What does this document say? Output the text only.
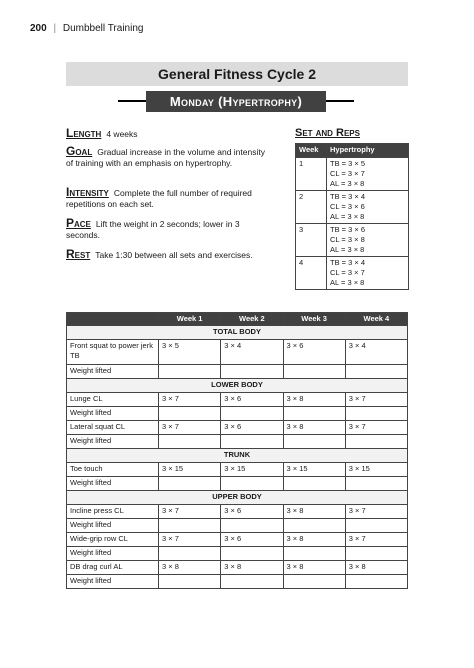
200 | Dumbbell Training
General Fitness Cycle 2
Monday (Hypertrophy)
Length 4 weeks
Goal Gradual increase in the volume and intensity of training with an emphasis on hypertrophy.
Intensity Complete the full number of required repetitions on each set.
Pace Lift the weight in 2 seconds; lower in 3 seconds.
Rest Take 1:30 between all sets and exercises.
Set and Reps
Week	Hypertrophy
1	TB = 3 × 5
CL = 3 × 7
AL = 3 × 8

2	TB = 3 × 4
CL = 3 × 6
AL = 3 × 8

3	TB = 3 × 6
CL = 3 × 8
AL = 3 × 8

4	TB = 3 × 4
CL = 3 × 7
AL = 3 × 8
	Week 1	Week 2	Week 3	Week 4
TOTAL BODY				
Front squat to power jerk TB	3 × 5	3 × 4	3 × 6	3 × 4
Weight lifted				
LOWER BODY				
Lunge CL	3 × 7	3 × 6	3 × 8	3 × 7
Weight lifted				
Lateral squat CL	3 × 7	3 × 6	3 × 8	3 × 7
Weight lifted				
TRUNK				
Toe touch	3 × 15	3 × 15	3 × 15	3 × 15
Weight lifted				
UPPER BODY				
Incline press CL	3 × 7	3 × 6	3 × 8	3 × 7
Weight lifted				
Wide-grip row CL	3 × 7	3 × 6	3 × 8	3 × 7
Weight lifted				
DB drag curl AL	3 × 8	3 × 8	3 × 8	3 × 8
Weight lifted				
